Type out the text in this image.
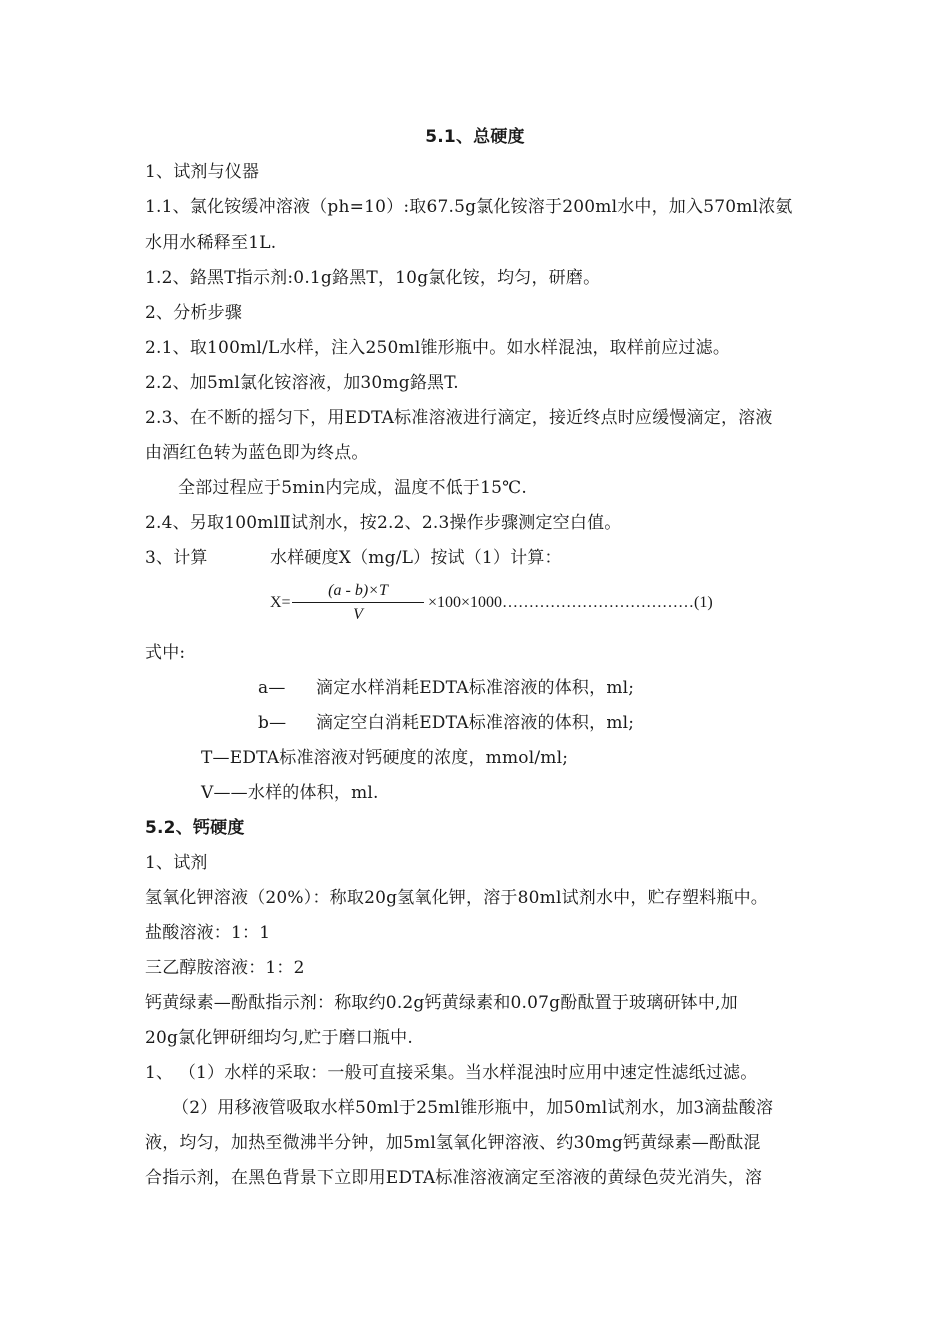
5.1、总硬度
1、试剂与仪器
1.1、氯化铵缓冲溶液（ph=10）:取67.5g氯化铵溶于200ml水中，加入570ml浓氨
水用水稀释至1L.
1.2、鉻黑T指示剂:0.1g鉻黑T，10g氯化铵，均匀，研磨。
2、分析步骤
2.1、取100ml/L水样，注入250ml锥形瓶中。如水样混浊，取样前应过滤。
2.2、加5ml氯化铵溶液，加30mg鉻黑T.
2.3、在不断的摇匀下，用EDTA标准溶液进行滴定，接近终点时应缓慢滴定，溶液
由酒红色转为蓝色即为终点。
全部过程应于5min内完成，温度不低于15℃.
2.4、另取100mlⅡ试剂水，按2.2、2.3操作步骤测定空白值。
3、计算	水样硬度X（mg/L）按试（1）计算：
X=
(a - b)×T
V
×100×1000………………………………(1)
式中:
a— 滴定水样消耗EDTA标准溶液的体积，ml;
b— 滴定空白消耗EDTA标准溶液的体积，ml;
T—EDTA标准溶液对钙硬度的浓度，mmol/ml;
V——水样的体积，ml.
5.2、钙硬度
1、试剂
氢氧化钾溶液（20%）：称取20g氢氧化钾，溶于80ml试剂水中，贮存塑料瓶中。
盐酸溶液：1：1
三乙醇胺溶液：1：2
钙黄绿素—酚酞指示剂：称取约0.2g钙黄绿素和0.07g酚酞置于玻璃研钵中,加
20g氯化钾研细均匀,贮于磨口瓶中.
1、 （1）水样的采取：一般可直接采集。当水样混浊时应用中速定性滤纸过滤。
（2）用移液管吸取水样50ml于25ml锥形瓶中，加50ml试剂水，加3滴盐酸溶
液，均匀，加热至微沸半分钟，加5ml氢氧化钾溶液、约30mg钙黄绿素—酚酞混
合指示剂，在黑色背景下立即用EDTA标准溶液滴定至溶液的黄绿色荧光消失，溶
